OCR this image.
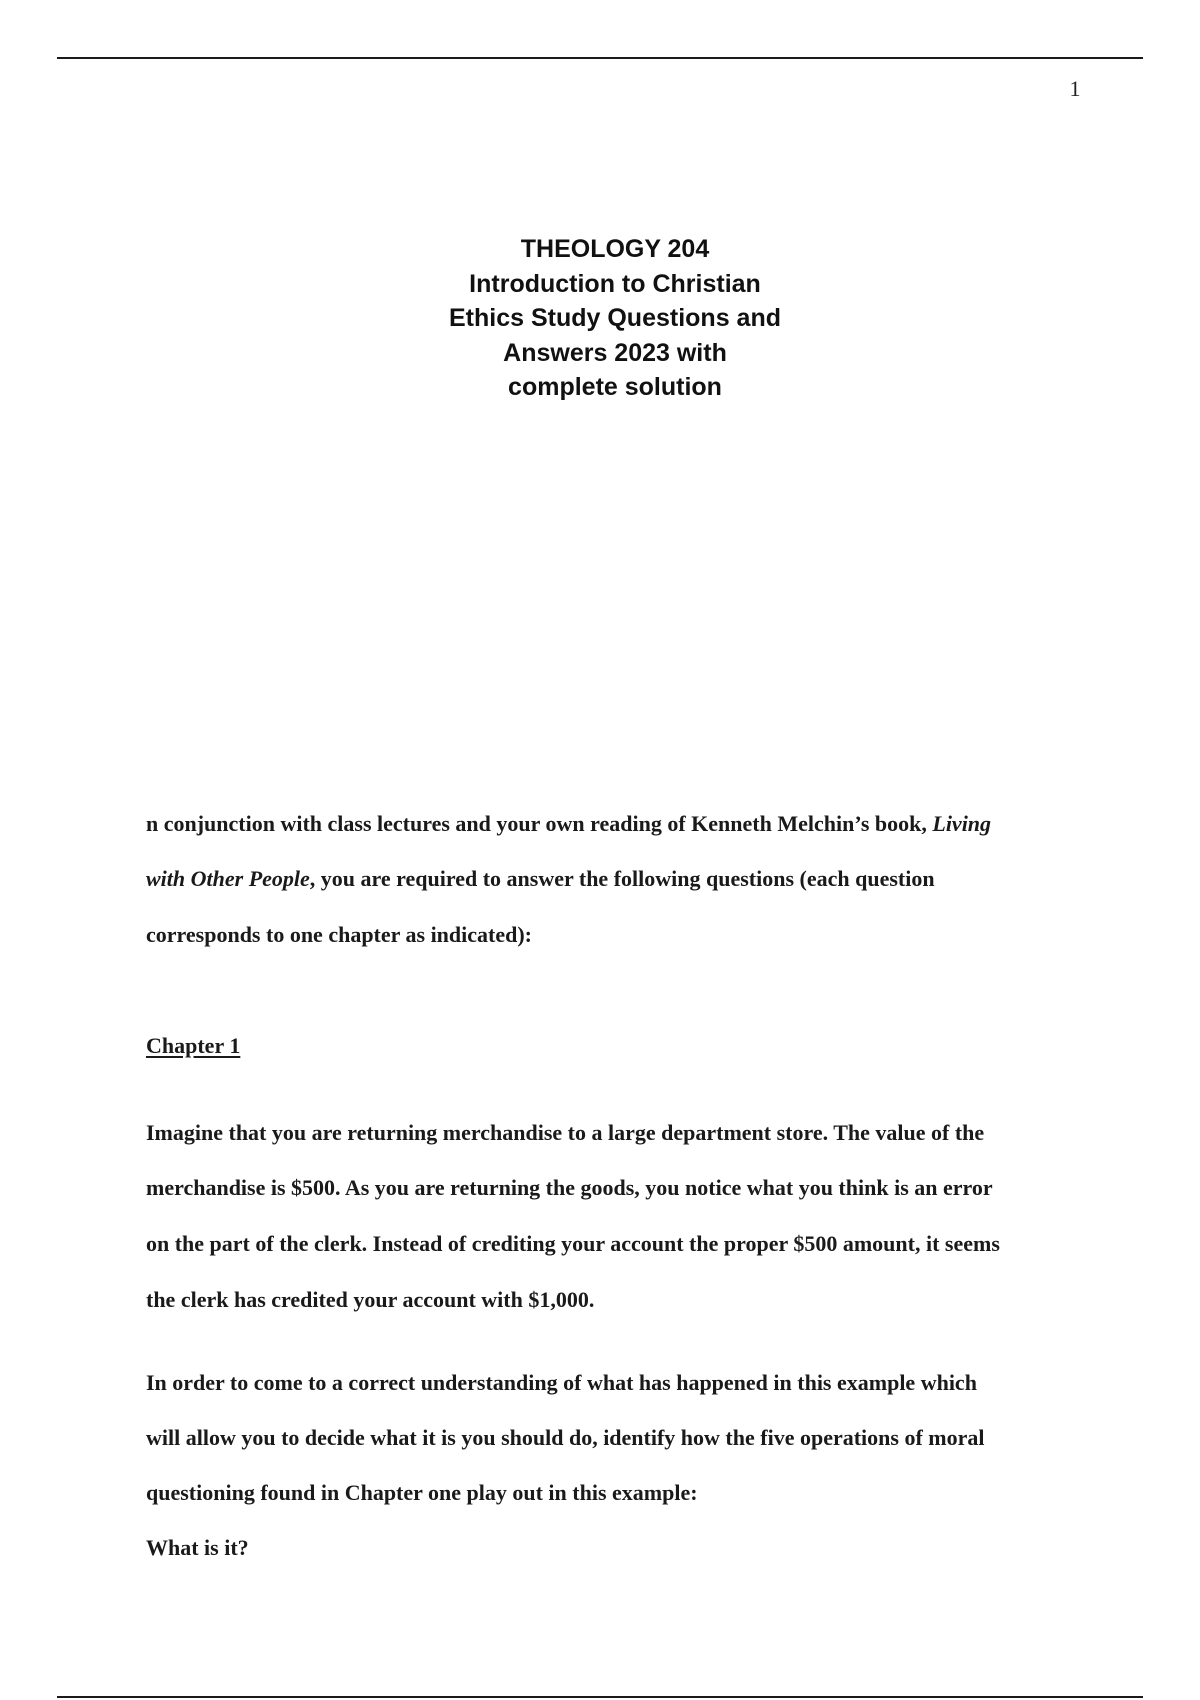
1
THEOLOGY 204
Introduction to Christian
Ethics Study Questions and
Answers 2023 with
complete solution
n conjunction with class lectures and your own reading of Kenneth Melchin’s book, Living
with Other People, you are required to answer the following questions (each question
corresponds to one chapter as indicated):
Chapter 1
Imagine that you are returning merchandise to a large department store. The value of the
merchandise is $500. As you are returning the goods, you notice what you think is an error
on the part of the clerk. Instead of crediting your account the proper $500 amount, it seems
the clerk has credited your account with $1,000.
In order to come to a correct understanding of what has happened in this example which
will allow you to decide what it is you should do, identify how the five operations of moral
questioning found in Chapter one play out in this example:
What is it?
